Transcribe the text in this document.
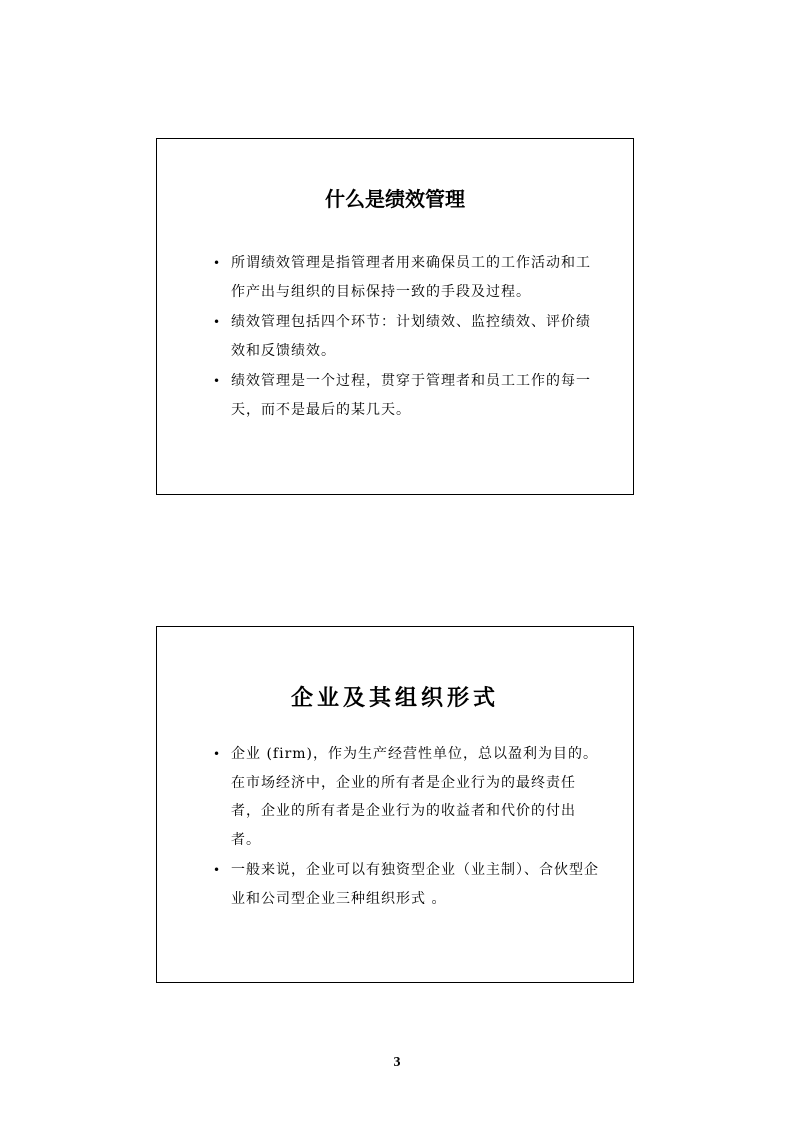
什么是绩效管理
• 所谓绩效管理是指管理者用来确保员工的工作活动和工作产出与组织的目标保持一致的手段及过程。
• 绩效管理包括四个环节：计划绩效、监控绩效、评价绩效和反馈绩效。
• 绩效管理是一个过程，贯穿于管理者和员工工作的每一天，而不是最后的某几天。
企业及其组织形式
• 企业 (firm)，作为生产经营性单位，总以盈利为目的。在市场经济中，企业的所有者是企业行为的最终责任者，企业的所有者是企业行为的收益者和代价的付出者。
• 一般来说，企业可以有独资型企业（业主制）、合伙型企业和公司型企业三种组织形式 。
3
